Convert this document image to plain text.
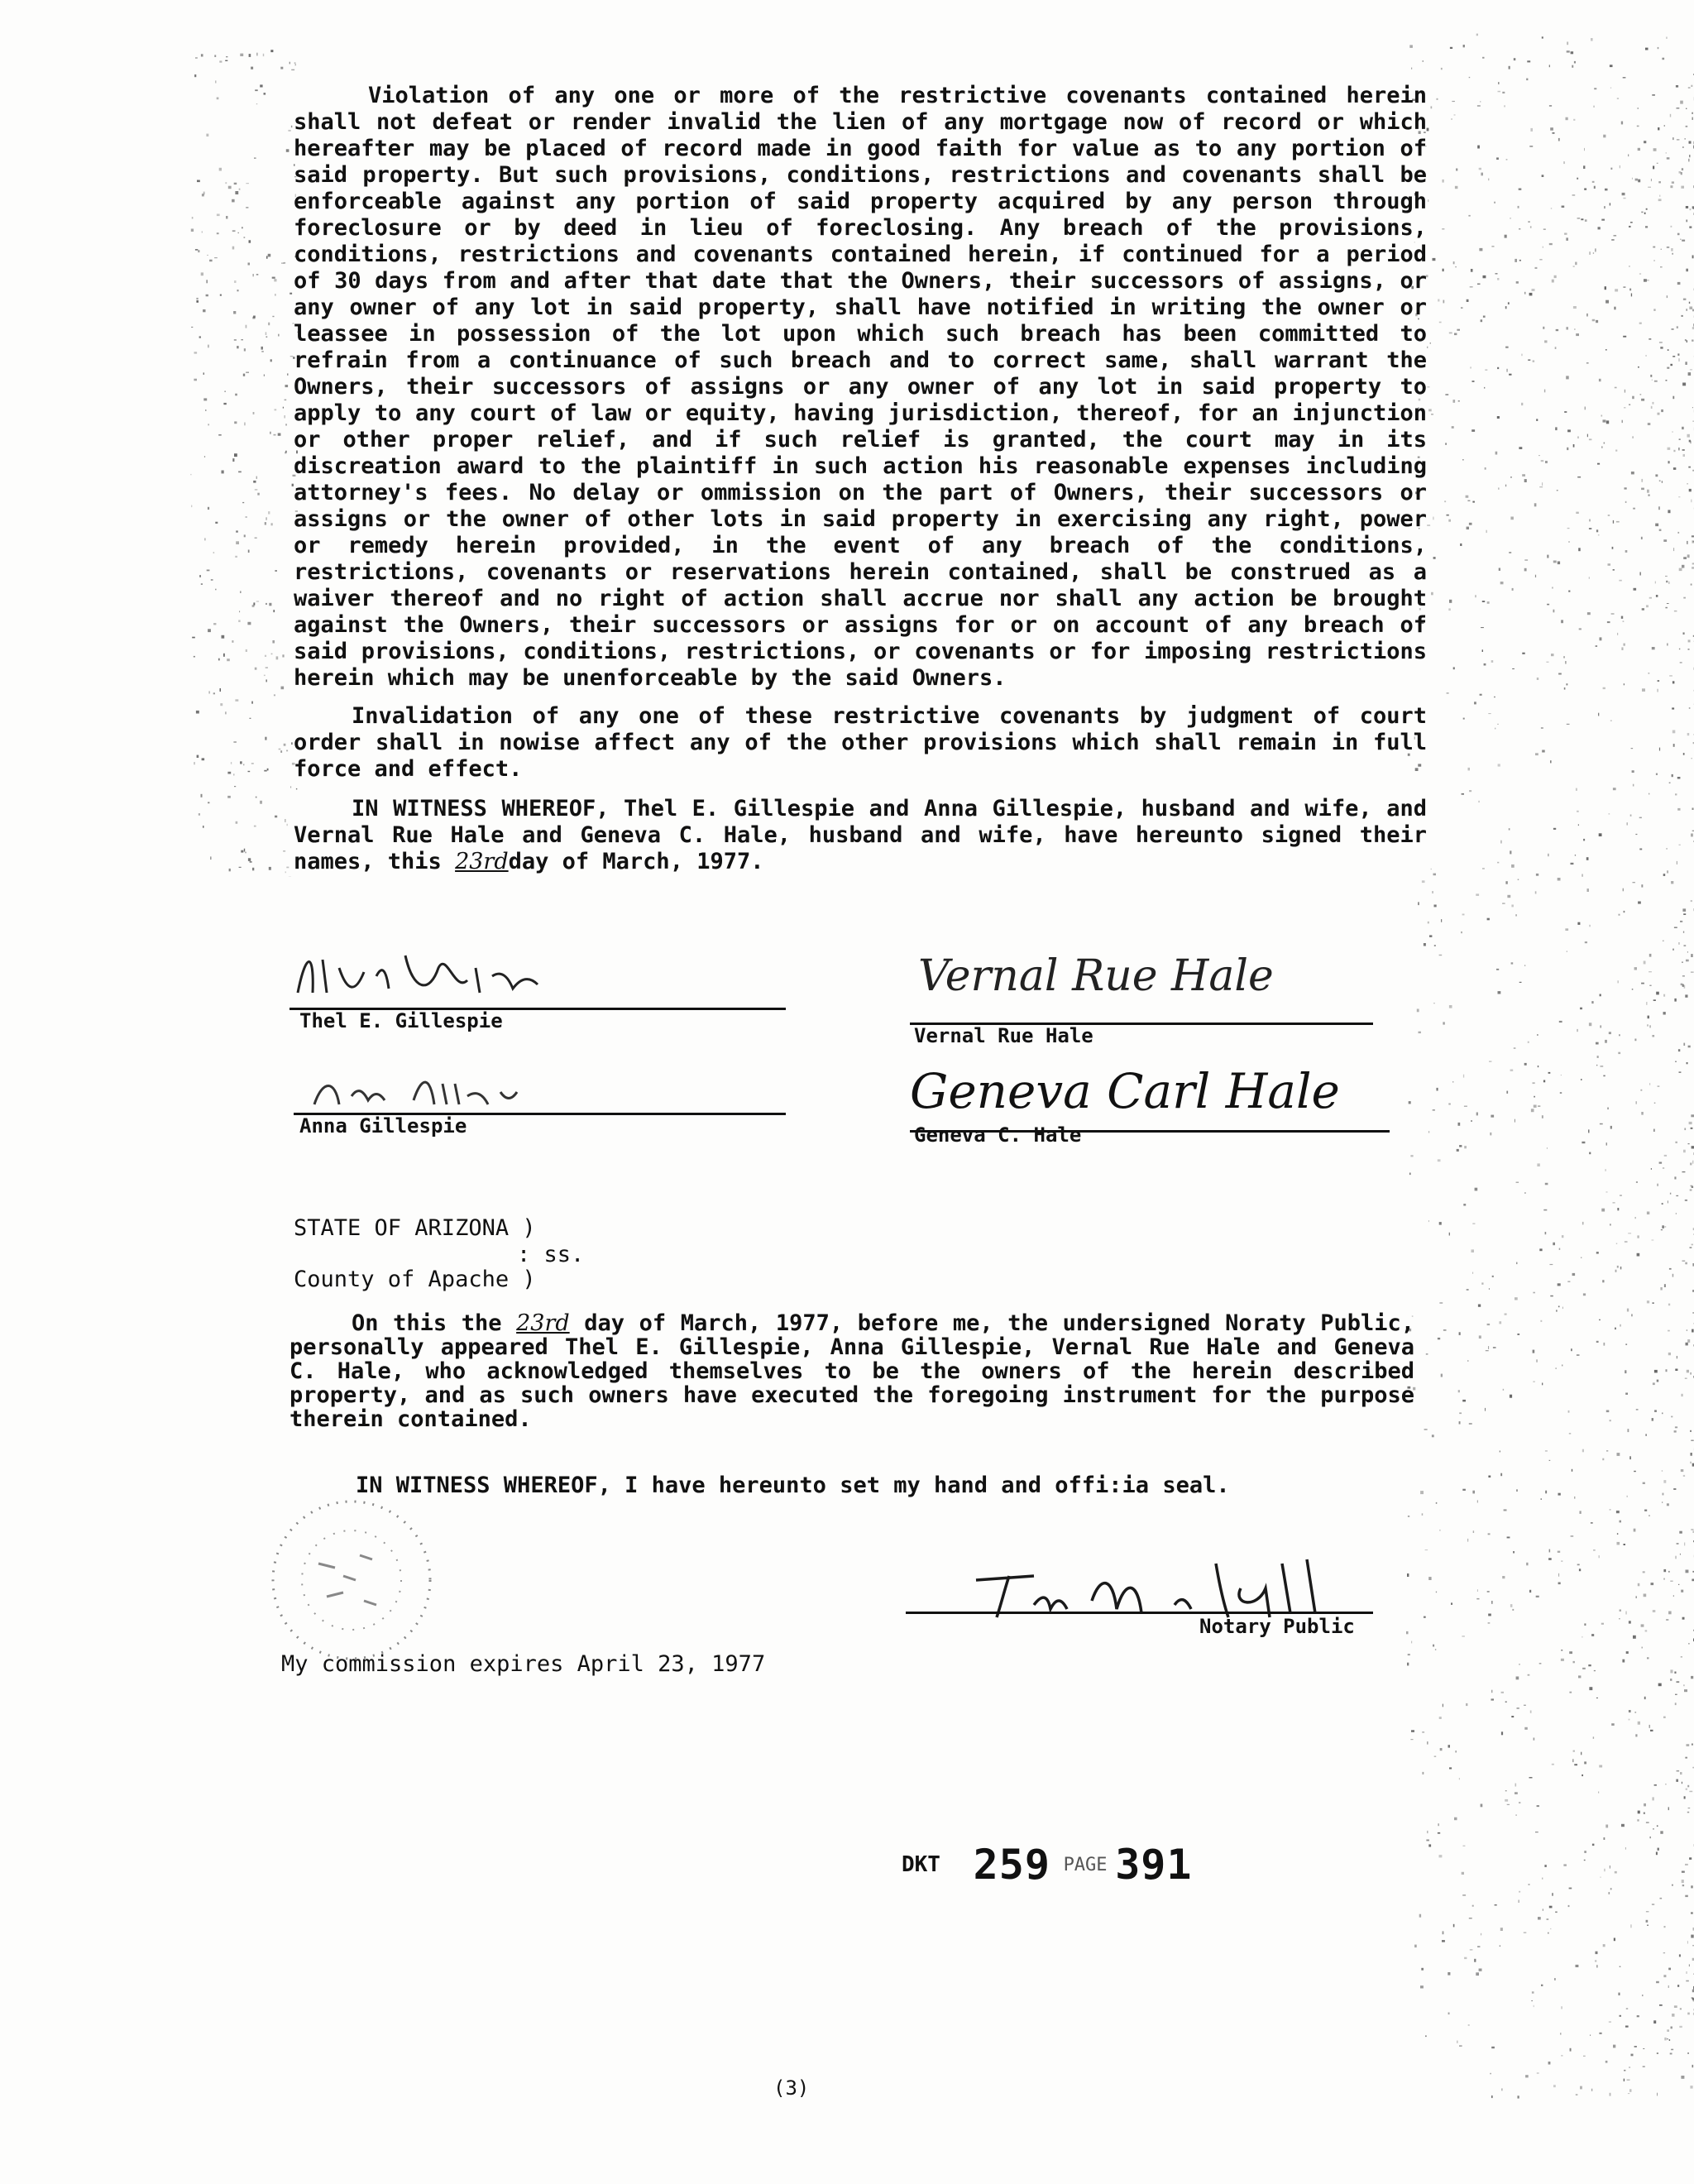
Violation of any one or more of the restrictive covenants contained herein shall not defeat or render invalid the lien of any mortgage now of record or which hereafter may be placed of record made in good faith for value as to any portion of said property. But such provisions, conditions, restrictions and covenants shall be enforceable against any portion of said property acquired by any person through foreclosure or by deed in lieu of foreclosing. Any breach of the provisions, conditions, restrictions and covenants contained herein, if continued for a period of 30 days from and after that date that the Owners, their successors of assigns, or any owner of any lot in said property, shall have notified in writing the owner or leassee in possession of the lot upon which such breach has been committed to refrain from a continuance of such breach and to correct same, shall warrant the Owners, their successors of assigns or any owner of any lot in said property to apply to any court of law or equity, having jurisdiction, thereof, for an injunction or other proper relief, and if such relief is granted, the court may in its discreation award to the plaintiff in such action his reasonable expenses including attorney's fees. No delay or ommission on the part of Owners, their successors or assigns or the owner of other lots in said property in exercising any right, power or remedy herein provided, in the event of any breach of the conditions, restrictions, covenants or reservations herein contained, shall be construed as a waiver thereof and no right of action shall accrue nor shall any action be brought against the Owners, their successors or assigns for or on account of any breach of said provisions, conditions, restrictions, or covenants or for imposing restrictions herein which may be unenforceable by the said Owners.
Invalidation of any one of these restrictive covenants by judgment of court order shall in nowise affect any of the other provisions which shall remain in full force and effect.
IN WITNESS WHEREOF, Thel E. Gillespie and Anna Gillespie, husband and wife, and Vernal Rue Hale and Geneva C. Hale, husband and wife, have hereunto signed their names, this 23rdday of March, 1977.
Thel E. Gillespie
Vernal Rue Hale
Vernal Rue Hale
Anna Gillespie
Geneva Carl Hale
Geneva C. Hale
STATE OF ARIZONA )
: ss.
County of Apache )
On this the 23rd day of March, 1977, before me, the undersigned Noraty Public, personally appeared Thel E. Gillespie, Anna Gillespie, Vernal Rue Hale and Geneva C. Hale, who acknowledged themselves to be the owners of the herein described property, and as such owners have executed the foregoing instrument for the purpose therein contained.
IN WITNESS WHEREOF, I have hereunto set my hand and offi:ia seal.
Notary Public
My commission expires April 23, 1977
DKT 259 PAGE 391
(3)
